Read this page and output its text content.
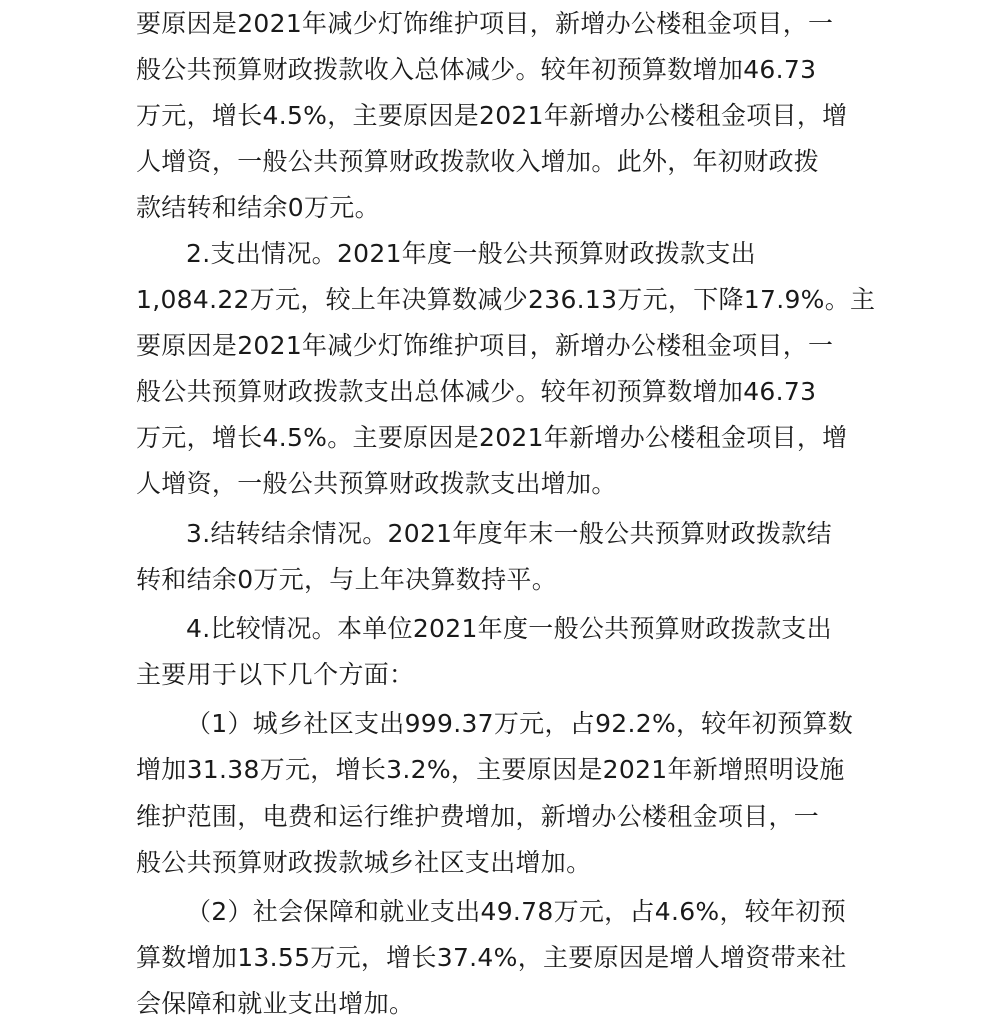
要原因是2021年减少灯饰维护项目，新增办公楼租金项目，一
般公共预算财政拨款收入总体减少。较年初预算数增加46.73
万元，增长4.5%，主要原因是2021年新增办公楼租金项目，增
人增资，一般公共预算财政拨款收入增加。此外，年初财政拨
款结转和结余0万元。
2.支出情况。2021年度一般公共预算财政拨款支出
1,084.22万元，较上年决算数减少236.13万元，下降17.9%。主
要原因是2021年减少灯饰维护项目，新增办公楼租金项目，一
般公共预算财政拨款支出总体减少。较年初预算数增加46.73
万元，增长4.5%。主要原因是2021年新增办公楼租金项目，增
人增资，一般公共预算财政拨款支出增加。
3.结转结余情况。2021年度年末一般公共预算财政拨款结
转和结余0万元，与上年决算数持平。
4.比较情况。本单位2021年度一般公共预算财政拨款支出
主要用于以下几个方面：
（1）城乡社区支出999.37万元，占92.2%，较年初预算数
增加31.38万元，增长3.2%，主要原因是2021年新增照明设施
维护范围，电费和运行维护费增加，新增办公楼租金项目，一
般公共预算财政拨款城乡社区支出增加。
（2）社会保障和就业支出49.78万元，占4.6%，较年初预
算数增加13.55万元，增长37.4%，主要原因是增人增资带来社
会保障和就业支出增加。
